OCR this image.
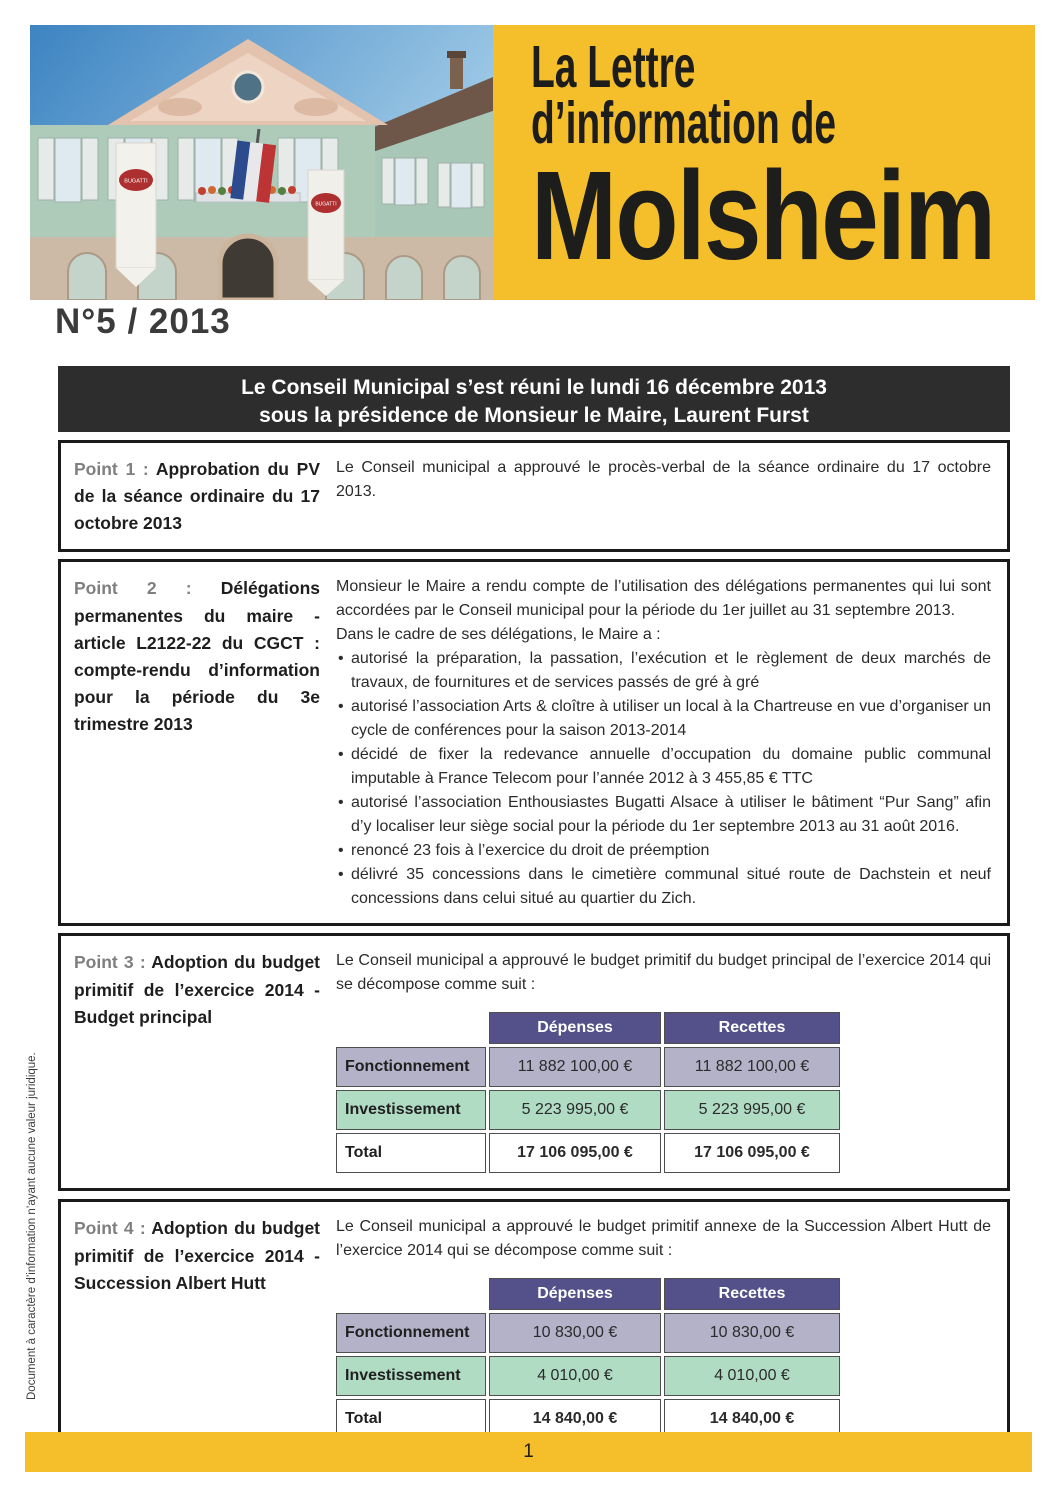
BUGATTI
BUGATTI
La Lettre
d’information de
Molsheim
N°5 / 2013
Le Conseil Municipal s’est réuni le lundi 16 décembre 2013
sous la présidence de Monsieur le Maire, Laurent Furst
Point 1 : Approbation du PV de la séance ordinaire du 17 octobre 2013

Le Conseil municipal a approuvé le procès-verbal de la séance ordinaire du 17 octobre 2013.

Point 2 : Délégations permanentes du maire - article L2122-22 du CGCT : compte-rendu d’information pour la période du 3e trimestre 2013

Monsieur le Maire a rendu compte de l’utilisation des délégations permanentes qui lui sont accordées par le Conseil municipal pour la période du 1er juillet au 31 septembre 2013.

Dans le cadre de ses délégations, le Maire a :

• autorisé la préparation, la passation, l’exécution et le règlement de deux marchés de travaux, de fournitures et de services passés de gré à gré
• autorisé l’association Arts & cloître à utiliser un local à la Chartreuse en vue d’organiser un cycle de conférences pour la saison 2013-2014
• décidé de fixer la redevance annuelle d’occupation du domaine public communal imputable à France Telecom pour l’année 2012 à 3 455,85 € TTC
• autorisé l’association Enthousiastes Bugatti Alsace à utiliser le bâtiment “Pur Sang” afin d’y localiser leur siège social pour la période du 1er septembre 2013 au 31 août 2016.
• renoncé 23 fois à l’exercice du droit de préemption
• délivré 35 concessions dans le cimetière communal situé route de Dachstein et neuf concessions dans celui situé au quartier du Zich.
Point 3 : Adoption du budget primitif de l’exercice 2014 - Budget principal

Le Conseil municipal a approuvé le budget primitif du budget principal de l’exercice 2014 qui se décompose comme suit :

	Dépenses	Recettes
Fonctionnement	11 882 100,00 €	11 882 100,00 €
Investissement	5 223 995,00 €	5 223 995,00 €
Total	17 106 095,00 €	17 106 095,00 €
Point 4 : Adoption du budget primitif de l’exercice 2014 - Succession Albert Hutt

Le Conseil municipal a approuvé le budget primitif annexe de la Succession Albert Hutt de l’exercice 2014 qui se décompose comme suit :

	Dépenses	Recettes
Fonctionnement	10 830,00 €	10 830,00 €
Investissement	4 010,00 €	4 010,00 €
Total	14 840,00 €	14 840,00 €
Document à caractère d’information n’ayant aucune valeur juridique.
1
